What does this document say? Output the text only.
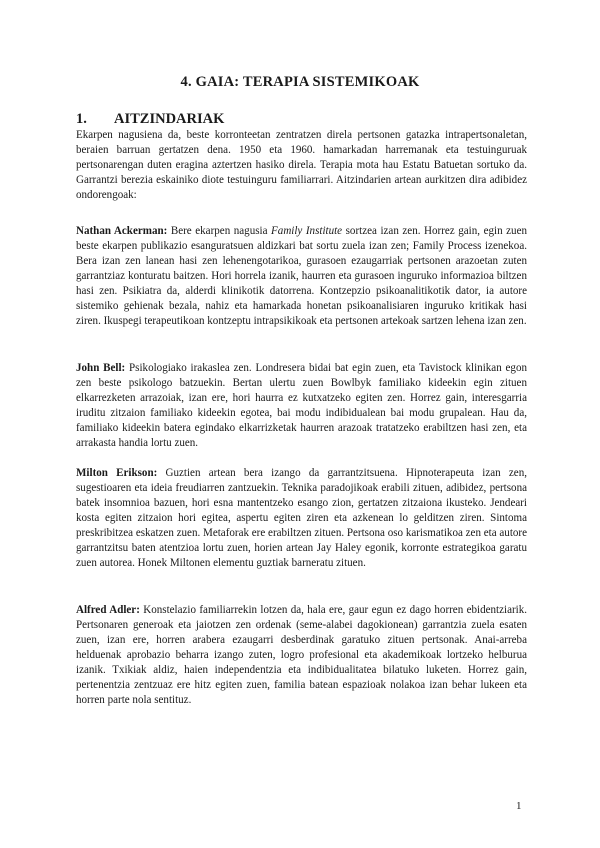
4. GAIA: TERAPIA SISTEMIKOAK
1. AITZINDARIAK

Ekarpen nagusiena da, beste korronteetan zentratzen direla pertsonen gatazka intrapertsonaletan, beraien barruan gertatzen dena. 1950 eta 1960. hamarkadan harremanak eta testuinguruak pertsonarengan duten eragina aztertzen hasiko direla. Terapia mota hau Estatu Batuetan sortuko da. Garrantzi berezia eskainiko diote testuinguru familiarrari. Aitzindarien artean aurkitzen dira adibidez ondorengoak:

Nathan Ackerman: Bere ekarpen nagusia Family Institute sortzea izan zen. Horrez gain, egin zuen beste ekarpen publikazio esanguratsuen aldizkari bat sortu zuela izan zen; Family Process izenekoa. Bera izan zen lanean hasi zen lehenengotarikoa, gurasoen ezaugarriak pertsonen arazoetan zuten garrantziaz konturatu baitzen. Hori horrela izanik, haurren eta gurasoen inguruko informazioa biltzen hasi zen. Psikiatra da, alderdi klinikotik datorrena. Kontzepzio psikoanalitikotik dator, ia autore sistemiko gehienak bezala, nahiz eta hamarkada honetan psikoanalisiaren inguruko kritikak hasi ziren. Ikuspegi terapeutikoan kontzeptu intrapsikikoak eta pertsonen artekoak sartzen lehena izan zen.

John Bell: Psikologiako irakaslea zen. Londresera bidai bat egin zuen, eta Tavistock klinikan egon zen beste psikologo batzuekin. Bertan ulertu zuen Bowlbyk familiako kideekin egin zituen elkarrezketen arrazoiak, izan ere, hori haurra ez kutxatzeko egiten zen. Horrez gain, interesgarria iruditu zitzaion familiako kideekin egotea, bai modu indibidualean bai modu grupalean. Hau da, familiako kideekin batera egindako elkarrizketak haurren arazoak tratatzeko erabiltzen hasi zen, eta arrakasta handia lortu zuen.

Milton Erikson: Guztien artean bera izango da garrantzitsuena. Hipnoterapeuta izan zen, sugestioaren eta ideia freudiarren zantzuekin. Teknika paradojikoak erabili zituen, adibidez, pertsona batek insomnioa bazuen, hori esna mantentzeko esango zion, gertatzen zitzaiona ikusteko. Jendeari kosta egiten zitzaion hori egitea, aspertu egiten ziren eta azkenean lo gelditzen ziren. Sintoma preskribitzea eskatzen zuen. Metaforak ere erabiltzen zituen. Pertsona oso karismatikoa zen eta autore garrantzitsu baten atentzioa lortu zuen, horien artean Jay Haley egonik, korronte estrategikoa garatu zuen autorea. Honek Miltonen elementu guztiak barneratu zituen.

Alfred Adler: Konstelazio familiarrekin lotzen da, hala ere, gaur egun ez dago horren ebidentziarik. Pertsonaren generoak eta jaiotzen zen ordenak (seme-alabei dagokionean) garrantzia zuela esaten zuen, izan ere, horren arabera ezaugarri desberdinak garatuko zituen pertsonak. Anai-arreba helduenak aprobazio beharra izango zuten, logro profesional eta akademikoak lortzeko helburua izanik. Txikiak aldiz, haien independentzia eta indibidualitatea bilatuko luketen. Horrez gain, pertenentzia zentzuaz ere hitz egiten zuen, familia batean espazioak nolakoa izan behar lukeen eta horren parte nola sentituz.

1
